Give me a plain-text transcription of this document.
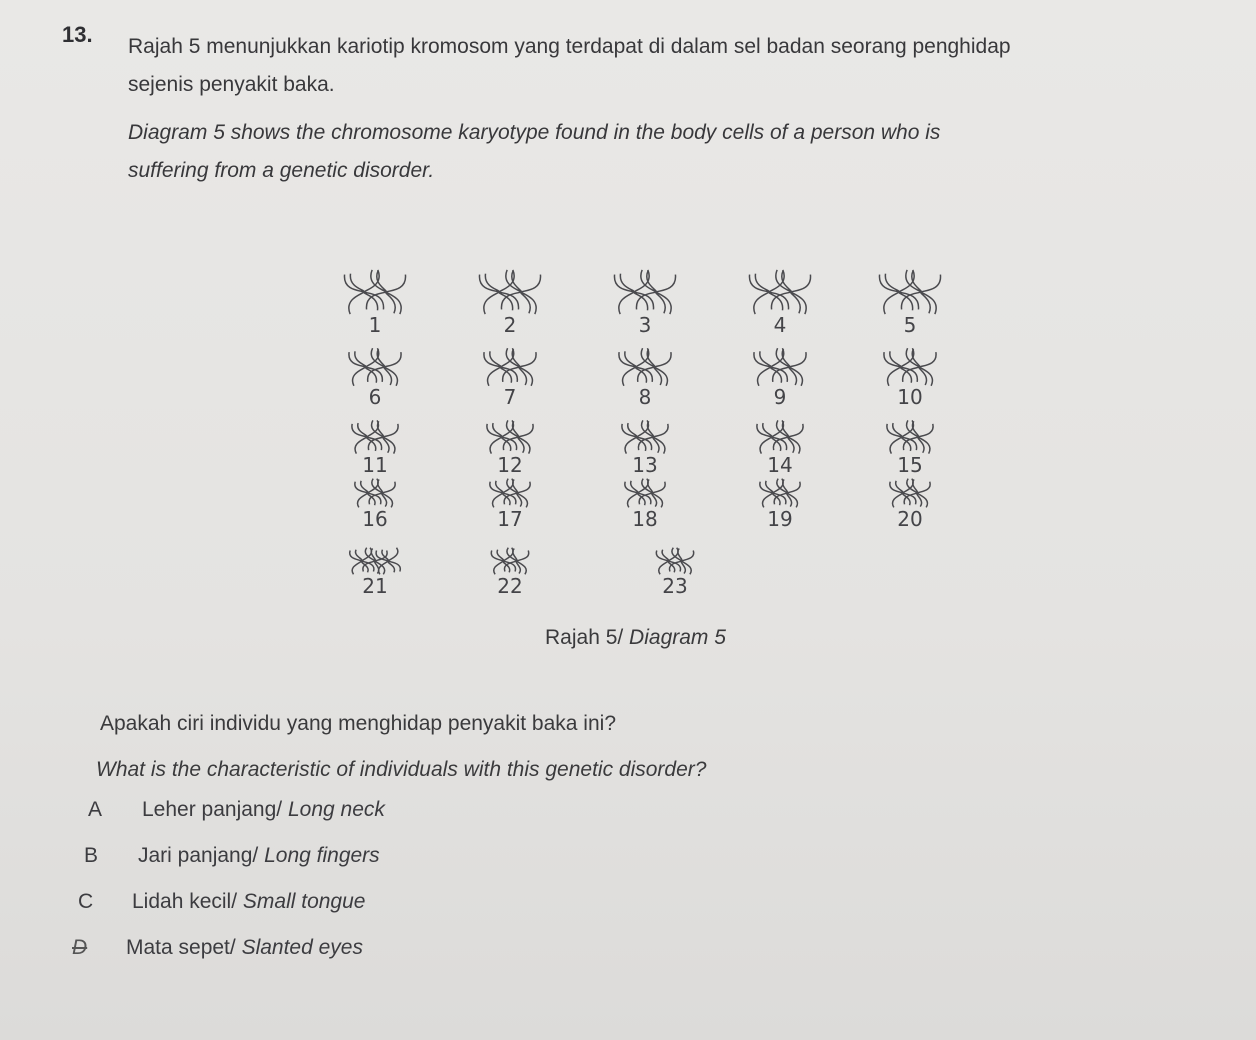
13. Rajah 5 menunjukkan kariotip kromosom yang terdapat di dalam sel badan seorang penghidap

sejenis penyakit baka.

Diagram 5 shows the chromosome karyotype found in the body cells of a person who is

suffering from a genetic disorder.

1	2	3	4	5
6	7	8	9	10
11	12	13	14	15
16	17	18	19	20
21	22	23
Rajah 5/ Diagram 5
Apakah ciri individu yang menghidap penyakit baka ini?
What is the characteristic of individuals with this genetic disorder?
A	Leher panjang/ Long neck
B	Jari panjang/ Long fingers
C	Lidah kecil/ Small tongue
D	Mata sepet/ Slanted eyes
